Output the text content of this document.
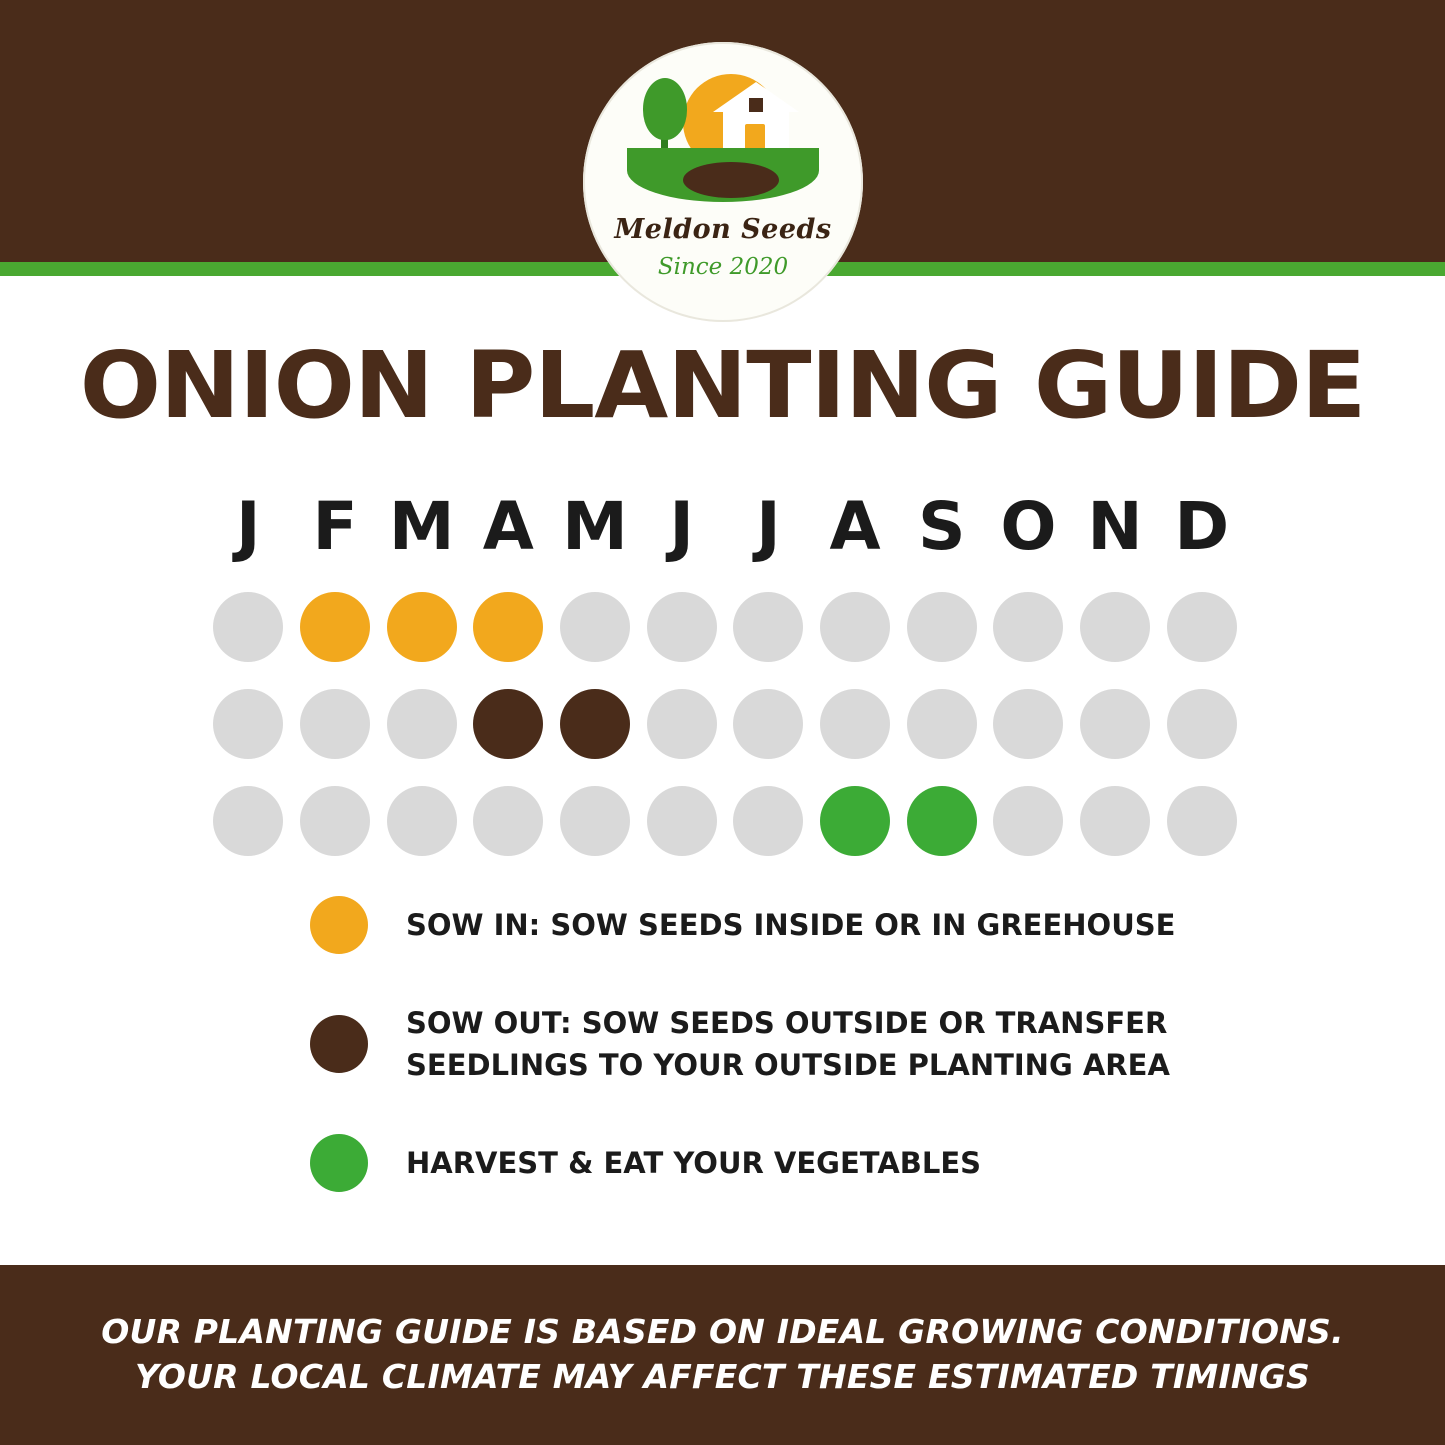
Meldon Seeds
Since 2020
ONION PLANTING GUIDE
J F M A M J J A S O N D
SOW IN: SOW SEEDS INSIDE OR IN GREEHOUSE
SOW OUT: SOW SEEDS OUTSIDE OR TRANSFER SEEDLINGS TO YOUR OUTSIDE PLANTING AREA
HARVEST & EAT YOUR VEGETABLES
OUR PLANTING GUIDE IS BASED ON IDEAL GROWING CONDITIONS.
YOUR LOCAL CLIMATE MAY AFFECT THESE ESTIMATED TIMINGS
